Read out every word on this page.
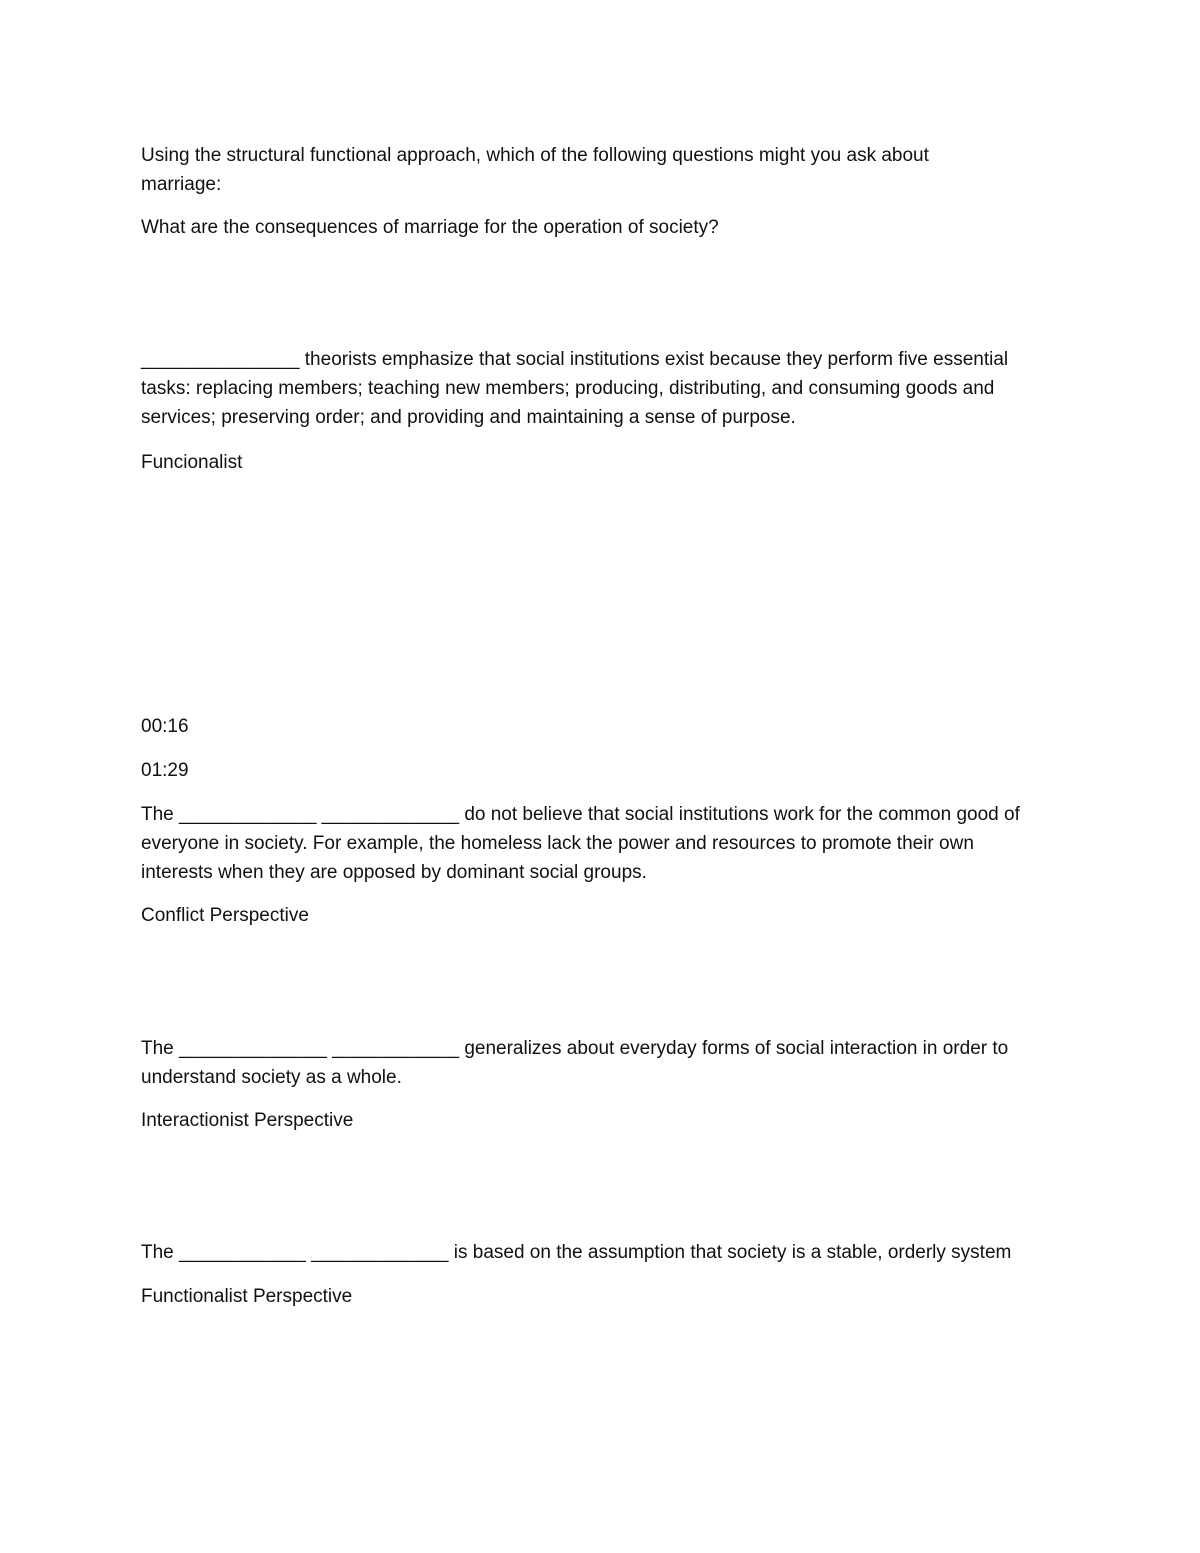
Using the structural functional approach, which of the following questions might you ask about
marriage:

What are the consequences of marriage for the operation of society?

_______________ theorists emphasize that social institutions exist because they perform five essential
tasks: replacing members; teaching new members; producing, distributing, and consuming goods and
services; preserving order; and providing and maintaining a sense of purpose.

Funcionalist

00:16

01:29

The _____________ _____________ do not believe that social institutions work for the common good of
everyone in society. For example, the homeless lack the power and resources to promote their own
interests when they are opposed by dominant social groups.

Conflict Perspective

The ______________ ____________ generalizes about everyday forms of social interaction in order to
understand society as a whole.

Interactionist Perspective

The ____________ _____________ is based on the assumption that society is a stable, orderly system

Functionalist Perspective
